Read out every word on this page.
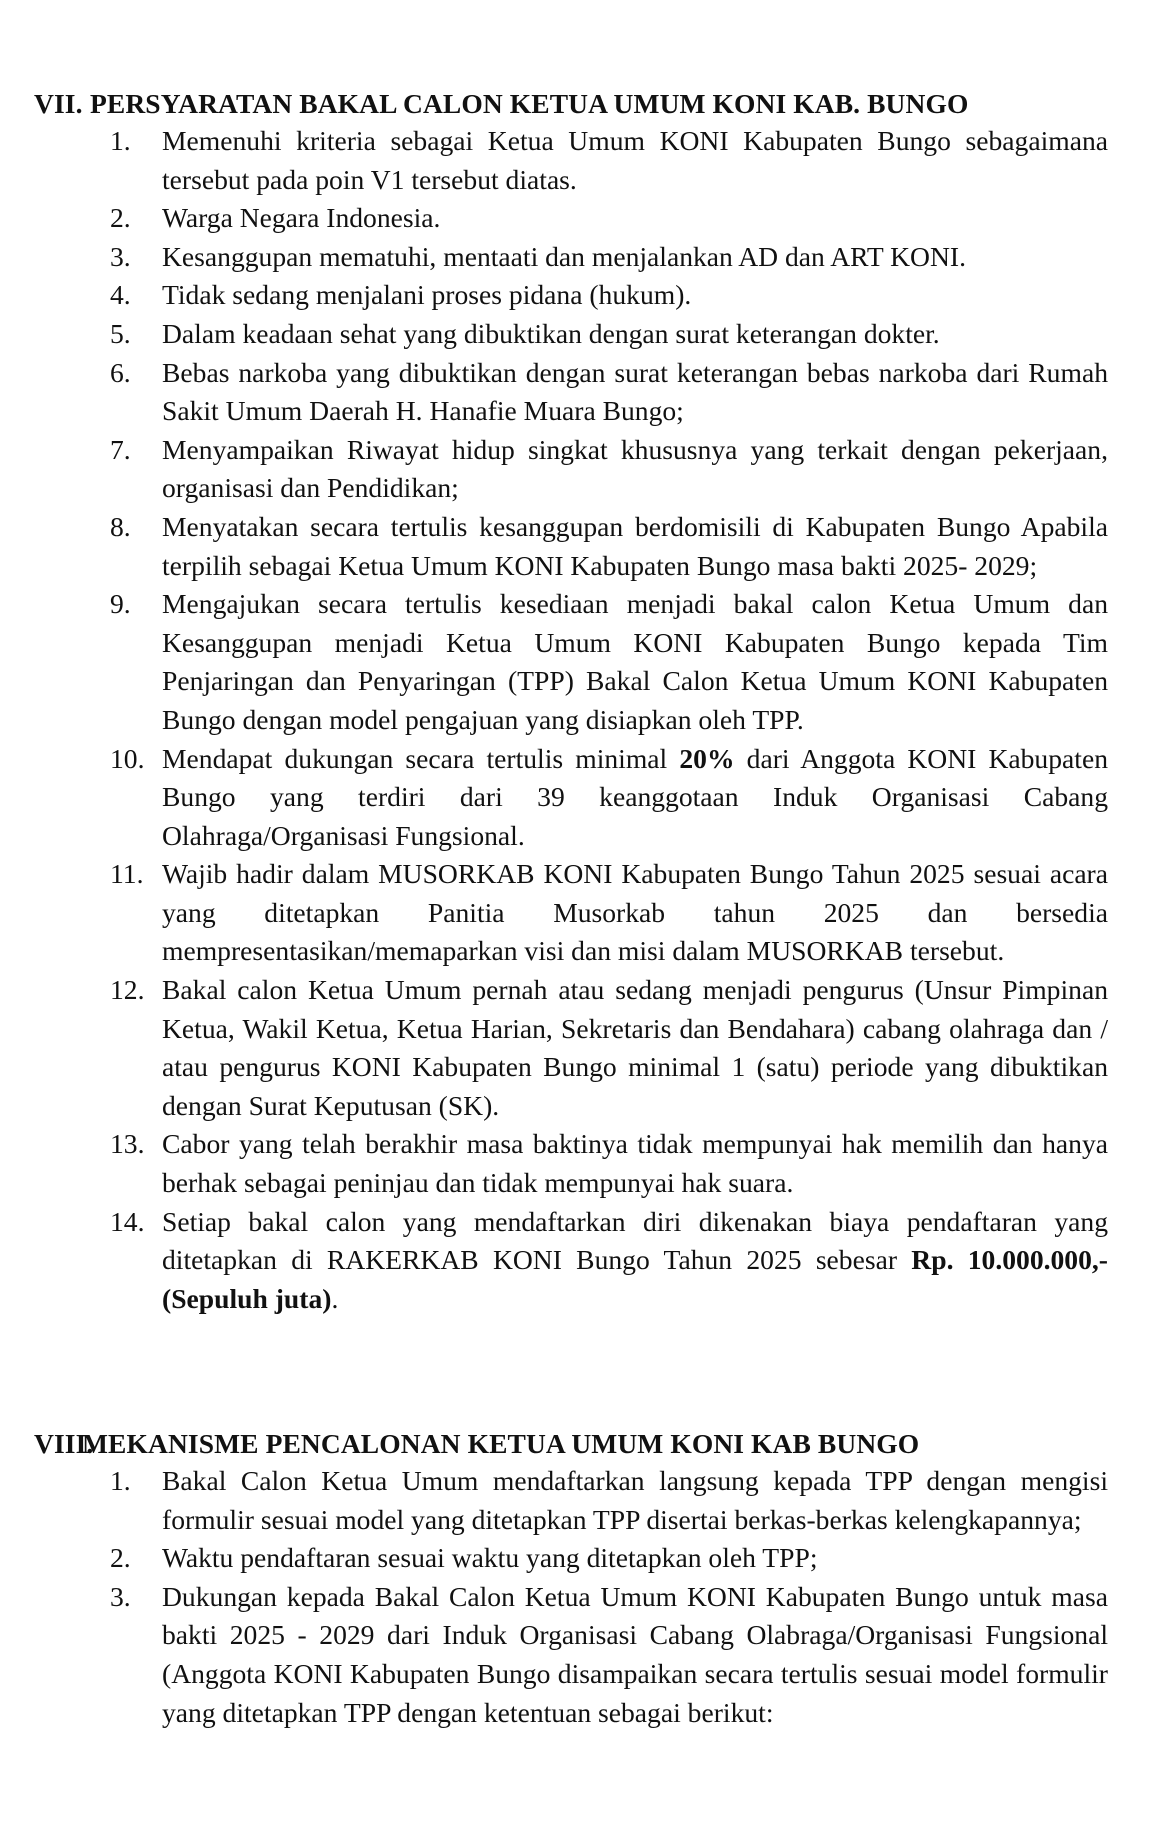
VII. PERSYARATAN BAKAL CALON KETUA UMUM KONI KAB. BUNGO
1. Memenuhi kriteria sebagai Ketua Umum KONI Kabupaten Bungo sebagaimana tersebut pada poin V1 tersebut diatas.
2. Warga Negara Indonesia.
3. Kesanggupan mematuhi, mentaati dan menjalankan AD dan ART KONI.
4. Tidak sedang menjalani proses pidana (hukum).
5. Dalam keadaan sehat yang dibuktikan dengan surat keterangan dokter.
6. Bebas narkoba yang dibuktikan dengan surat keterangan bebas narkoba dari Rumah Sakit Umum Daerah H. Hanafie Muara Bungo;
7. Menyampaikan Riwayat hidup singkat khususnya yang terkait dengan pekerjaan, organisasi dan Pendidikan;
8. Menyatakan secara tertulis kesanggupan berdomisili di Kabupaten Bungo Apabila terpilih sebagai Ketua Umum KONI Kabupaten Bungo masa bakti 2025- 2029;
9. Mengajukan secara tertulis kesediaan menjadi bakal calon Ketua Umum dan Kesanggupan menjadi Ketua Umum KONI Kabupaten Bungo kepada Tim Penjaringan dan Penyaringan (TPP) Bakal Calon Ketua Umum KONI Kabupaten Bungo dengan model pengajuan yang disiapkan oleh TPP.
10. Mendapat dukungan secara tertulis minimal 20% dari Anggota KONI Kabupaten Bungo yang terdiri dari 39 keanggotaan Induk Organisasi Cabang Olahraga/Organisasi Fungsional.
11. Wajib hadir dalam MUSORKAB KONI Kabupaten Bungo Tahun 2025 sesuai acara yang ditetapkan Panitia Musorkab tahun 2025 dan bersedia mempresentasikan/memaparkan visi dan misi dalam MUSORKAB tersebut.
12. Bakal calon Ketua Umum pernah atau sedang menjadi pengurus (Unsur Pimpinan Ketua, Wakil Ketua, Ketua Harian, Sekretaris dan Bendahara) cabang olahraga dan / atau pengurus KONI Kabupaten Bungo minimal 1 (satu) periode yang dibuktikan dengan Surat Keputusan (SK).
13. Cabor yang telah berakhir masa baktinya tidak mempunyai hak memilih dan hanya berhak sebagai peninjau dan tidak mempunyai hak suara.
14. Setiap bakal calon yang mendaftarkan diri dikenakan biaya pendaftaran yang ditetapkan di RAKERKAB KONI Bungo Tahun 2025 sebesar Rp. 10.000.000,- (Sepuluh juta).
VIII.MEKANISME PENCALONAN KETUA UMUM KONI KAB BUNGO
1. Bakal Calon Ketua Umum mendaftarkan langsung kepada TPP dengan mengisi formulir sesuai model yang ditetapkan TPP disertai berkas-berkas kelengkapannya;
2. Waktu pendaftaran sesuai waktu yang ditetapkan oleh TPP;
3. Dukungan kepada Bakal Calon Ketua Umum KONI Kabupaten Bungo untuk masa bakti 2025 - 2029 dari Induk Organisasi Cabang Olabraga/Organisasi Fungsional (Anggota KONI Kabupaten Bungo disampaikan secara tertulis sesuai model formulir yang ditetapkan TPP dengan ketentuan sebagai berikut:
